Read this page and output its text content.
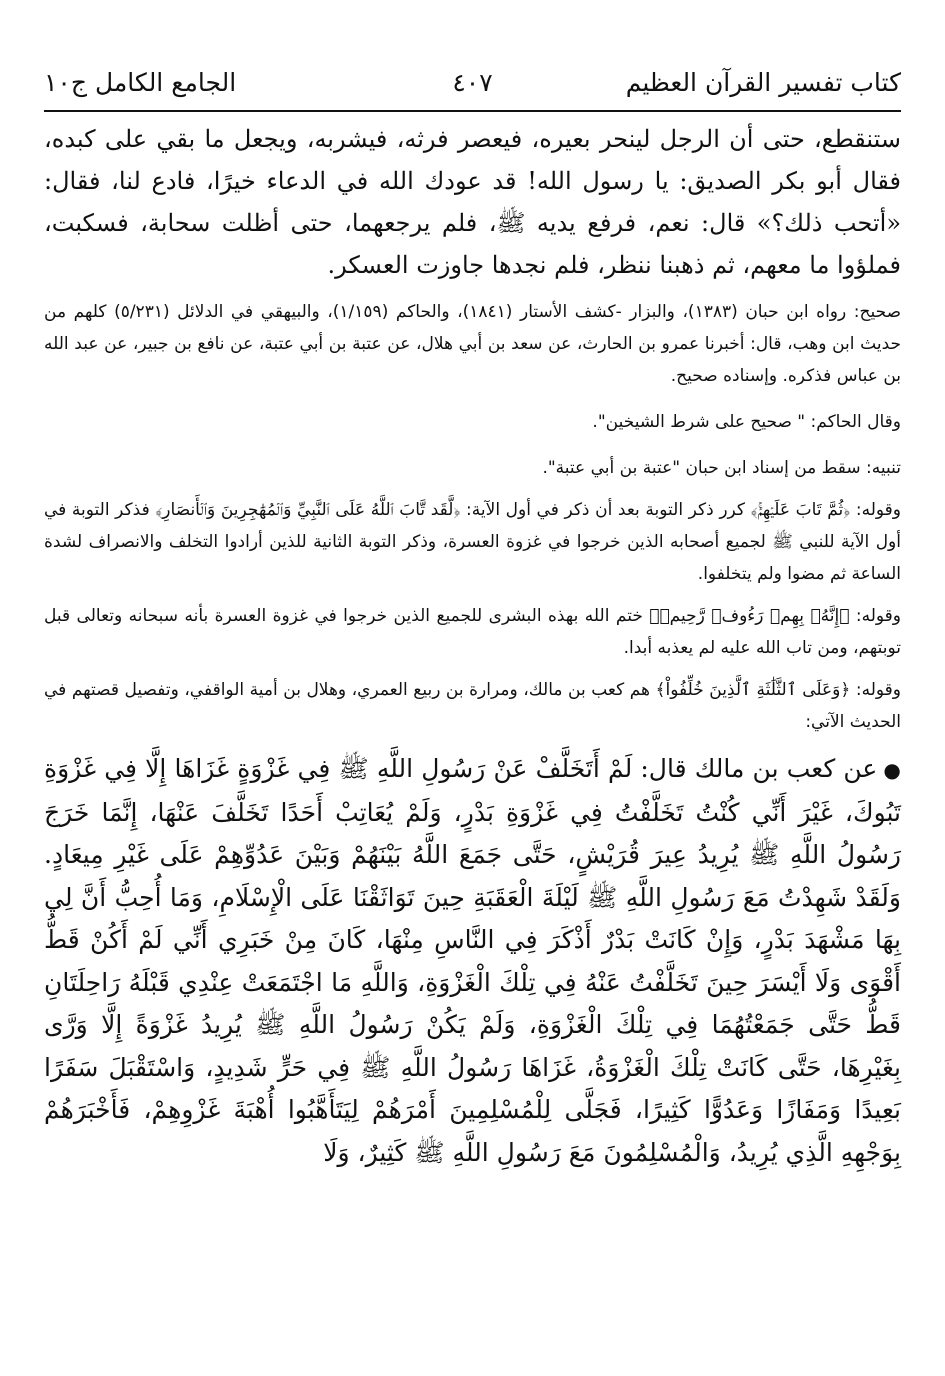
كتاب تفسير القرآن العظيم
٤٠٧
الجامع الكامل ج١٠

ستنقطع، حتى أن الرجل لينحر بعيره، فيعصر فرثه، فيشربه، ويجعل ما بقي على كبده، فقال أبو بكر الصديق: يا رسول الله! قد عودك الله في الدعاء خيرًا، فادع لنا، فقال: «أتحب ذلك؟» قال: نعم، فرفع يديه ﷺ، فلم يرجعهما، حتى أظلت سحابة، فسكبت، فملؤوا ما معهم، ثم ذهبنا ننظر، فلم نجدها جاوزت العسكر.

صحيح: رواه ابن حبان (١٣٨٣)، والبزار -كشف الأستار (١٨٤١)، والحاكم (١/١٥٩)، والبيهقي في الدلائل (٥/٢٣١) كلهم من حديث ابن وهب، قال: أخبرنا عمرو بن الحارث، عن سعد بن أبي هلال، عن عتبة بن أبي عتبة، عن نافع بن جبير، عن عبد الله بن عباس فذكره. وإسناده صحيح.

وقال الحاكم: " صحيح على شرط الشيخين".

تنبيه: سقط من إسناد ابن حبان "عتبة بن أبي عتبة".

وقوله: ﴿ثُمَّ تَابَ عَلَيۡهِمۡۚ﴾ كرر ذكر التوبة بعد أن ذكر في أول الآية: ﴿لَّقَد تَّابَ ٱللَّهُ عَلَى ٱلنَّبِيِّ وَٱلۡمُهَٰجِرِينَ وَٱلۡأَنصَارِ﴾ فذكر التوبة في أول الآية للنبي ﷺ لجميع أصحابه الذين خرجوا في غزوة العسرة، وذكر التوبة الثانية للذين أرادوا التخلف والانصراف لشدة الساعة ثم مضوا ولم يتخلفوا.

وقوله: ﴿إِنَّهُۥ بِهِمۡ رَءُوفٞ رَّحِيمٞ﴾ ختم الله بهذه البشرى للجميع الذين خرجوا في غزوة العسرة بأنه سبحانه وتعالى قبل توبتهم، ومن تاب الله عليه لم يعذبه أبدا.

وقوله: ﴿وَعَلَى ٱلثَّلَٰثَةِ ٱلَّذِينَ خُلِّفُواْ﴾ هم كعب بن مالك، ومرارة بن ربيع العمري، وهلال بن أمية الواقفي، وتفصيل قصتهم في الحديث الآتي:

●عن كعب بن مالك قال: لَمْ أَتَخَلَّفْ عَنْ رَسُولِ اللَّهِ ﷺ فِي غَزْوَةٍ غَزَاهَا إِلَّا فِي غَزْوَةِ تَبُوكَ، غَيْرَ أَنِّي كُنْتُ تَخَلَّفْتُ فِي غَزْوَةِ بَدْرٍ، وَلَمْ يُعَاتِبْ أَحَدًا تَخَلَّفَ عَنْهَا، إِنَّمَا خَرَجَ رَسُولُ اللَّهِ ﷺ يُرِيدُ عِيرَ قُرَيْشٍ، حَتَّى جَمَعَ اللَّهُ بَيْنَهُمْ وَبَيْنَ عَدُوِّهِمْ عَلَى غَيْرِ مِيعَادٍ. وَلَقَدْ شَهِدْتُ مَعَ رَسُولِ اللَّهِ ﷺ لَيْلَةَ الْعَقَبَةِ حِينَ تَوَاثَقْنَا عَلَى الْإِسْلَامِ، وَمَا أُحِبُّ أَنَّ لِي بِهَا مَشْهَدَ بَدْرٍ، وَإِنْ كَانَتْ بَدْرٌ أَذْكَرَ فِي النَّاسِ مِنْهَا، كَانَ مِنْ خَبَرِي أَنِّي لَمْ أَكُنْ قَطُّ أَقْوَى وَلَا أَيْسَرَ حِينَ تَخَلَّفْتُ عَنْهُ فِي تِلْكَ الْغَزْوَةِ، وَاللَّهِ مَا اجْتَمَعَتْ عِنْدِي قَبْلَهُ رَاحِلَتَانِ قَطُّ حَتَّى جَمَعْتُهُمَا فِي تِلْكَ الْغَزْوَةِ، وَلَمْ يَكُنْ رَسُولُ اللَّهِ ﷺ يُرِيدُ غَزْوَةً إِلَّا وَرَّى بِغَيْرِهَا، حَتَّى كَانَتْ تِلْكَ الْغَزْوَةُ، غَزَاهَا رَسُولُ اللَّهِ ﷺ فِي حَرٍّ شَدِيدٍ، وَاسْتَقْبَلَ سَفَرًا بَعِيدًا وَمَفَازًا وَعَدُوًّا كَثِيرًا، فَجَلَّى لِلْمُسْلِمِينَ أَمْرَهُمْ لِيَتَأَهَّبُوا أُهْبَةَ غَزْوِهِمْ، فَأَخْبَرَهُمْ بِوَجْهِهِ الَّذِي يُرِيدُ، وَالْمُسْلِمُونَ مَعَ رَسُولِ اللَّهِ ﷺ كَثِيرٌ، وَلَا
